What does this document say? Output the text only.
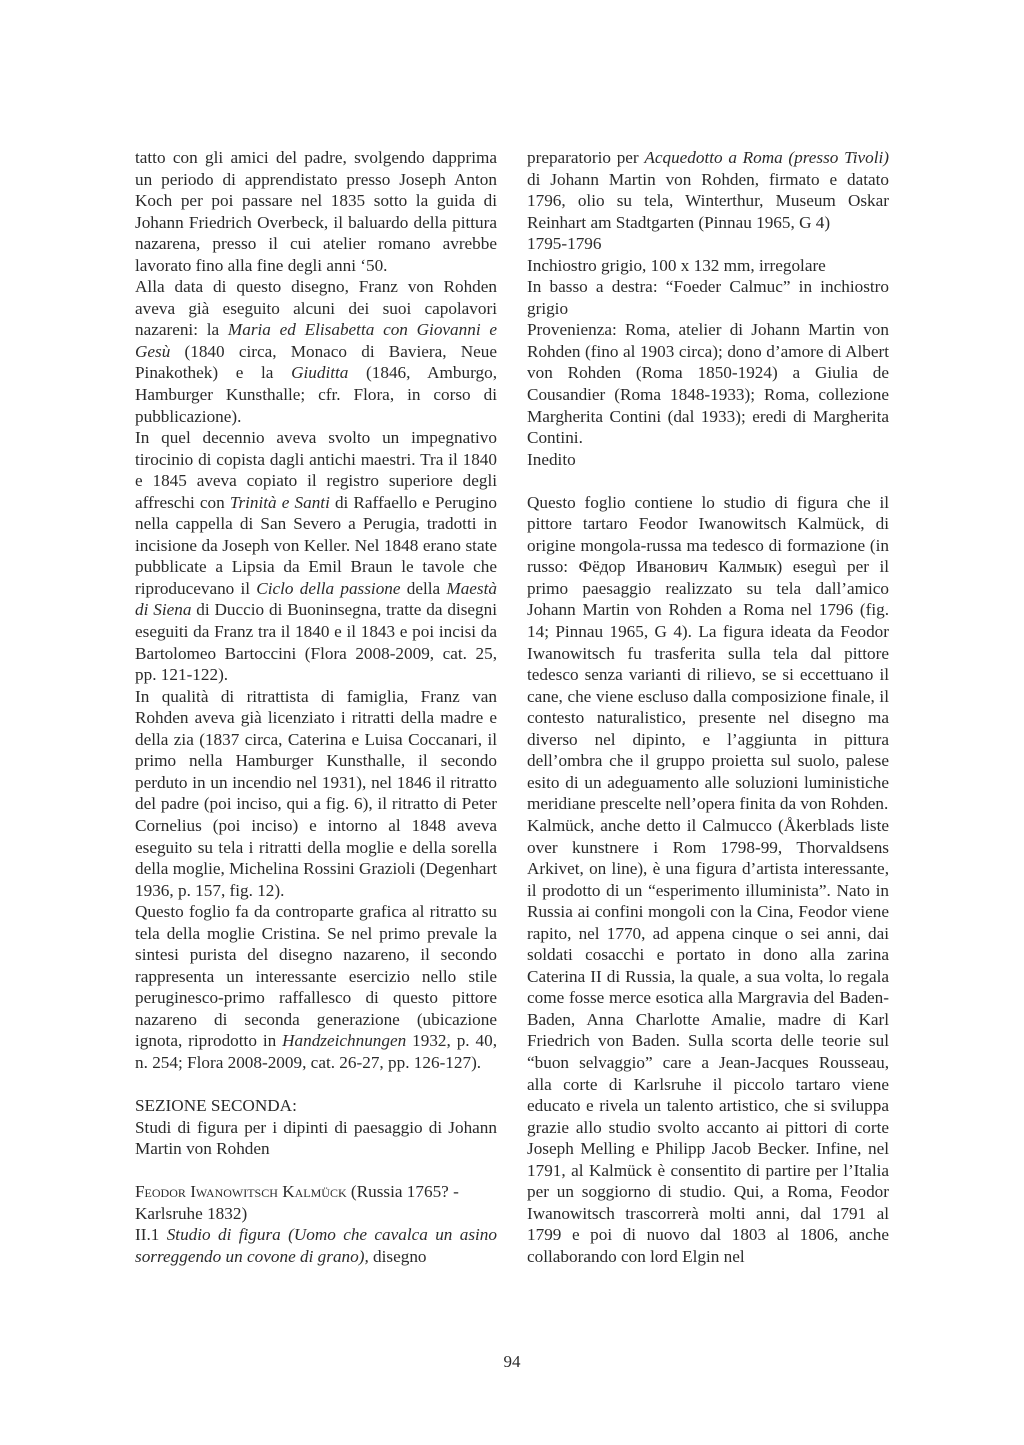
tatto con gli amici del padre, svolgendo dapprima un periodo di apprendistato presso Joseph Anton Koch per poi passare nel 1835 sotto la guida di Johann Friedrich Overbeck, il baluardo della pittura nazarena, presso il cui atelier romano avrebbe lavorato fino alla fine degli anni ‘50.

Alla data di questo disegno, Franz von Rohden aveva già eseguito alcuni dei suoi capolavori nazareni: la Maria ed Elisabetta con Giovanni e Gesù (1840 circa, Monaco di Baviera, Neue Pinakothek) e la Giuditta (1846, Amburgo, Hamburger Kunsthalle; cfr. Flora, in corso di pubblicazione).

In quel decennio aveva svolto un impegnativo tirocinio di copista dagli antichi maestri. Tra il 1840 e 1845 aveva copiato il registro superiore degli affreschi con Trinità e Santi di Raffaello e Perugino nella cappella di San Severo a Perugia, tradotti in incisione da Joseph von Keller. Nel 1848 erano state pubblicate a Lipsia da Emil Braun le tavole che riproducevano il Ciclo della passione della Maestà di Siena di Duccio di Buoninsegna, tratte da disegni eseguiti da Franz tra il 1840 e il 1843 e poi incisi da Bartolomeo Bartoccini (Flora 2008-2009, cat. 25, pp. 121-122).

In qualità di ritrattista di famiglia, Franz van Rohden aveva già licenziato i ritratti della madre e della zia (1837 circa, Caterina e Luisa Coccanari, il primo nella Hamburger Kunsthalle, il secondo perduto in un incendio nel 1931), nel 1846 il ritratto del padre (poi inciso, qui a fig. 6), il ritratto di Peter Cornelius (poi inciso) e intorno al 1848 aveva eseguito su tela i ritratti della moglie e della sorella della moglie, Michelina Rossini Grazioli (Degenhart 1936, p. 157, fig. 12).

Questo foglio fa da controparte grafica al ritratto su tela della moglie Cristina. Se nel primo prevale la sintesi purista del disegno nazareno, il secondo rappresenta un interessante esercizio nello stile peruginesco-primo raffallesco di questo pittore nazareno di seconda generazione (ubicazione ignota, riprodotto in Handzeichnungen 1932, p. 40, n. 254; Flora 2008-2009, cat. 26-27, pp. 126-127).

SEZIONE SECONDA:

Studi di figura per i dipinti di paesaggio di Johann Martin von Rohden

Feodor Iwanowitsch Kalmück (Russia 1765? - Karlsruhe 1832)

II.1 Studio di figura (Uomo che cavalca un asino sorreggendo un covone di grano), disegno

preparatorio per Acquedotto a Roma (presso Tivoli) di Johann Martin von Rohden, firmato e datato 1796, olio su tela, Winterthur, Museum Oskar Reinhart am Stadtgarten (Pinnau 1965, G 4)

1795-1796

Inchiostro grigio, 100 x 132 mm, irregolare

In basso a destra: “Foeder Calmuc” in inchiostro grigio

Provenienza: Roma, atelier di Johann Martin von Rohden (fino al 1903 circa); dono d’amore di Albert von Rohden (Roma 1850-1924) a Giulia de Cousandier (Roma 1848-1933); Roma, collezione Margherita Contini (dal 1933); eredi di Margherita Contini.

Inedito

Questo foglio contiene lo studio di figura che il pittore tartaro Feodor Iwanowitsch Kalmück, di origine mongola-russa ma tedesco di formazione (in russo: Фёдор Иванович Калмык) eseguì per il primo paesaggio realizzato su tela dall’amico Johann Martin von Rohden a Roma nel 1796 (fig. 14; Pinnau 1965, G 4). La figura ideata da Feodor Iwanowitsch fu trasferita sulla tela dal pittore tedesco senza varianti di rilievo, se si eccettuano il cane, che viene escluso dalla composizione finale, il contesto naturalistico, presente nel disegno ma diverso nel dipinto, e l’aggiunta in pittura dell’ombra che il gruppo proietta sul suolo, palese esito di un adeguamento alle soluzioni luministiche meridiane prescelte nell’opera finita da von Rohden.

Kalmück, anche detto il Calmucco (Åkerblads liste over kunstnere i Rom 1798-99, Thorvaldsens Arkivet, on line), è una figura d’artista interessante, il prodotto di un “esperimento illuminista”. Nato in Russia ai confini mongoli con la Cina, Feodor viene rapito, nel 1770, ad appena cinque o sei anni, dai soldati cosacchi e portato in dono alla zarina Caterina II di Russia, la quale, a sua volta, lo regala come fosse merce esotica alla Margravia del Baden-Baden, Anna Charlotte Amalie, madre di Karl Friedrich von Baden. Sulla scorta delle teorie sul “buon selvaggio” care a Jean-Jacques Rousseau, alla corte di Karlsruhe il piccolo tartaro viene educato e rivela un talento artistico, che si sviluppa grazie allo studio svolto accanto ai pittori di corte Joseph Melling e Philipp Jacob Becker. Infine, nel 1791, al Kalmück è consentito di partire per l’Italia per un soggiorno di studio. Qui, a Roma, Feodor Iwanowitsch trascorrerà molti anni, dal 1791 al 1799 e poi di nuovo dal 1803 al 1806, anche collaborando con lord Elgin nel

94
